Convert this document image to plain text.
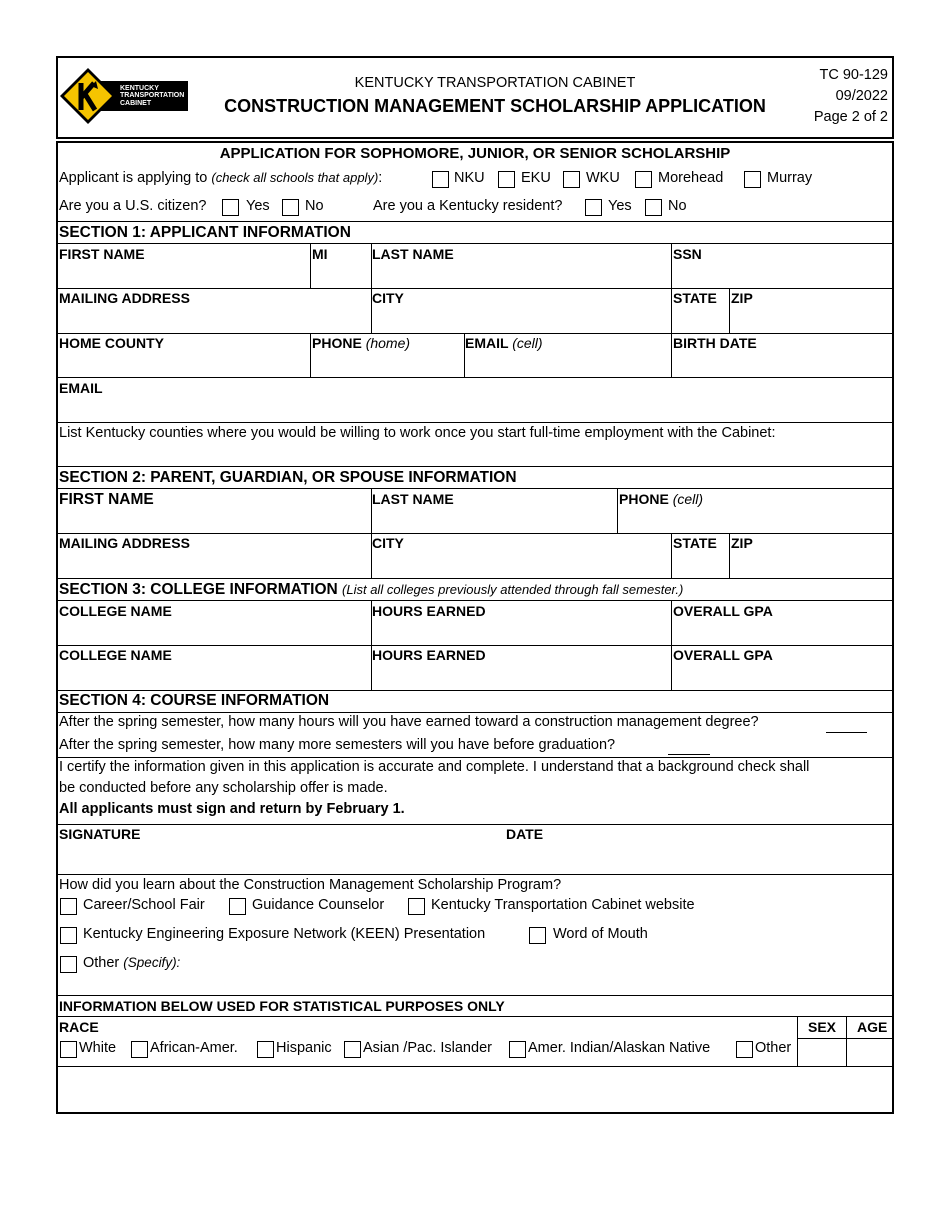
KENTUCKY
TRANSPORTATION
CABINET
KENTUCKY TRANSPORTATION CABINET
CONSTRUCTION MANAGEMENT SCHOLARSHIP APPLICATION
TC 90-129
09/2022
Page 2 of 2
APPLICATION FOR SOPHOMORE, JUNIOR, OR SENIOR SCHOLARSHIP
Applicant is applying to (check all schools that apply):	NKU	EKU WKU	Morehead	Murray
Are you a U.S. citizen?	Yes No	Are you a Kentucky resident?	Yes	No
SECTION 1: APPLICANT INFORMATION
FIRST NAME	MI	LAST NAME	SSN
MAILING ADDRESS	CITY	STATE ZIP
HOME COUNTY	PHONE (home)	EMAIL (cell)	BIRTH DATE
EMAIL
List Kentucky counties where you would be willing to work once you start full-time employment with the Cabinet:
SECTION 2: PARENT, GUARDIAN, OR SPOUSE INFORMATION
FIRST NAME	LAST NAME	PHONE (cell)
MAILING ADDRESS	CITY	STATE ZIP
SECTION 3: COLLEGE INFORMATION (List all colleges previously attended through fall semester.)
COLLEGE NAME	HOURS EARNED	OVERALL GPA
COLLEGE NAME	HOURS EARNED	OVERALL GPA
SECTION 4: COURSE INFORMATION
After the spring semester, how many hours will you have earned toward a construction management degree?
After the spring semester, how many more semesters will you have before graduation?
I certify the information given in this application is accurate and complete. I understand that a background check shall
be conducted before any scholarship offer is made.
All applicants must sign and return by February 1.
SIGNATURE	DATE
How did you learn about the Construction Management Scholarship Program?
Career/School Fair	Guidance Counselor	Kentucky Transportation Cabinet website
Kentucky Engineering Exposure Network (KEEN) Presentation	Word of Mouth
Other (Specify):
INFORMATION BELOW USED FOR STATISTICAL PURPOSES ONLY
RACE	SEX AGE
White African-Amer.	Hispanic Asian /Pac. Islander Amer. Indian/Alaskan Native	Other
